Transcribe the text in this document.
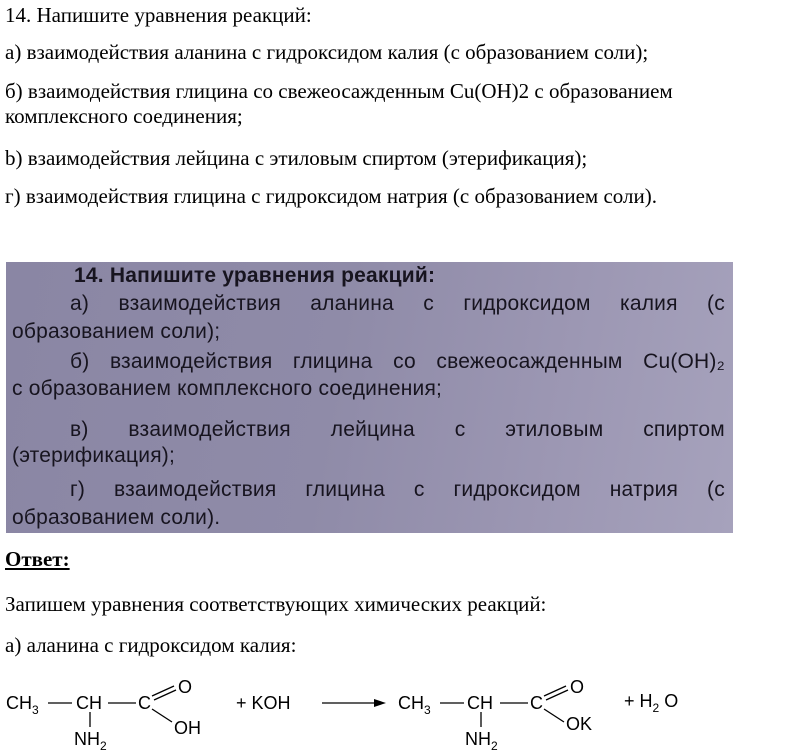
14. Напишите уравнения реакций:
а) взаимодействия аланина с гидроксидом калия (с образованием соли);
б) взаимодействия глицина со свежеосажденным Cu(OH)2 с образованием
комплексного соединения;
b) взаимодействия лейцина с этиловым спиртом (этерификация);
г) взаимодействия глицина с гидроксидом натрия (с образованием соли).
14. Напишите уравнения реакций:
а) взаимодействия аланина с гидроксидом калия (с
образованием соли);
б) взаимодействия глицина со свежеосажденным Cu(OH)₂
с образованием комплексного соединения;
в) взаимодействия лейцина с этиловым спиртом
(этерификация);
г) взаимодействия глицина с гидроксидом натрия (с
образованием соли).
Ответ:
Запишем уравнения соответствующих химических реакций:
а) аланина с гидроксидом калия:
$CH_3$ CH C
O
OH
$NH_2$
+ KOH	$CH_3$ CH C
O
OK
$NH_2$
+ $H_2$ O
